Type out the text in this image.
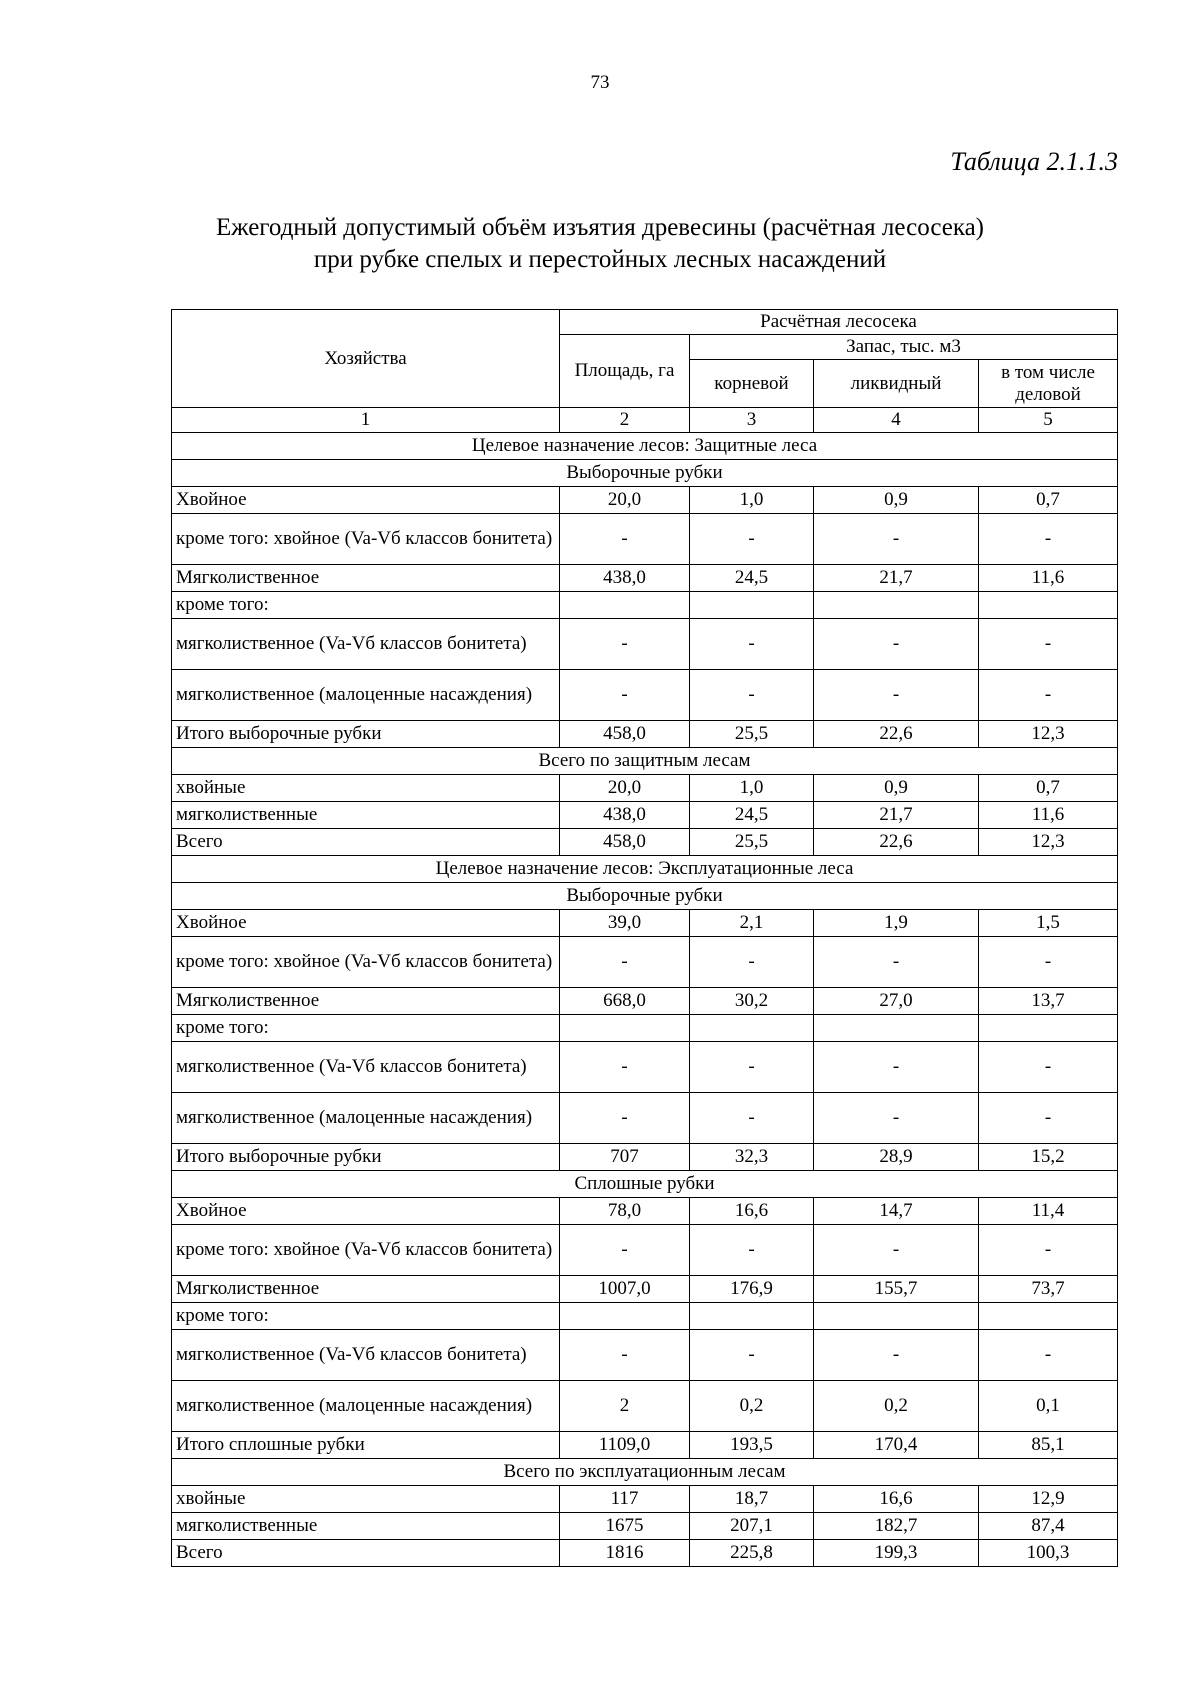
73
Таблица 2.1.1.3
Ежегодный допустимый объём изъятия древесины (расчётная лесосека)
при рубке спелых и перестойных лесных насаждений
Хозяйства	Расчётная лесосека			
	Площадь, га	Запас, тыс. м3		
		корневой	ликвидный	в том числе деловой
1	2	3	4	5
Целевое назначение лесов: Защитные леса				
Выборочные рубки				
Хвойное	20,0	1,0	0,9	0,7
кроме того: хвойное (Va-Vб классов бонитета)	-	-	-	-
Мягколиственное	438,0	24,5	21,7	11,6
кроме того:				
мягколиственное (Va-Vб классов бонитета)	-	-	-	-
мягколиственное (малоценные насаждения)	-	-	-	-
Итого выборочные рубки	458,0	25,5	22,6	12,3
Всего по защитным лесам				
хвойные	20,0	1,0	0,9	0,7
мягколиственные	438,0	24,5	21,7	11,6
Всего	458,0	25,5	22,6	12,3
Целевое назначение лесов: Эксплуатационные леса				
Выборочные рубки				
Хвойное	39,0	2,1	1,9	1,5
кроме того: хвойное (Va-Vб классов бонитета)	-	-	-	-
Мягколиственное	668,0	30,2	27,0	13,7
кроме того:				
мягколиственное (Va-Vб классов бонитета)	-	-	-	-
мягколиственное (малоценные насаждения)	-	-	-	-
Итого выборочные рубки	707	32,3	28,9	15,2
Сплошные рубки				
Хвойное	78,0	16,6	14,7	11,4
кроме того: хвойное (Va-Vб классов бонитета)	-	-	-	-
Мягколиственное	1007,0	176,9	155,7	73,7
кроме того:				
мягколиственное (Va-Vб классов бонитета)	-	-	-	-
мягколиственное (малоценные насаждения)	2	0,2	0,2	0,1
Итого сплошные рубки	1109,0	193,5	170,4	85,1
Всего по эксплуатационным лесам				
хвойные	117	18,7	16,6	12,9
мягколиственные	1675	207,1	182,7	87,4
Всего	1816	225,8	199,3	100,3
